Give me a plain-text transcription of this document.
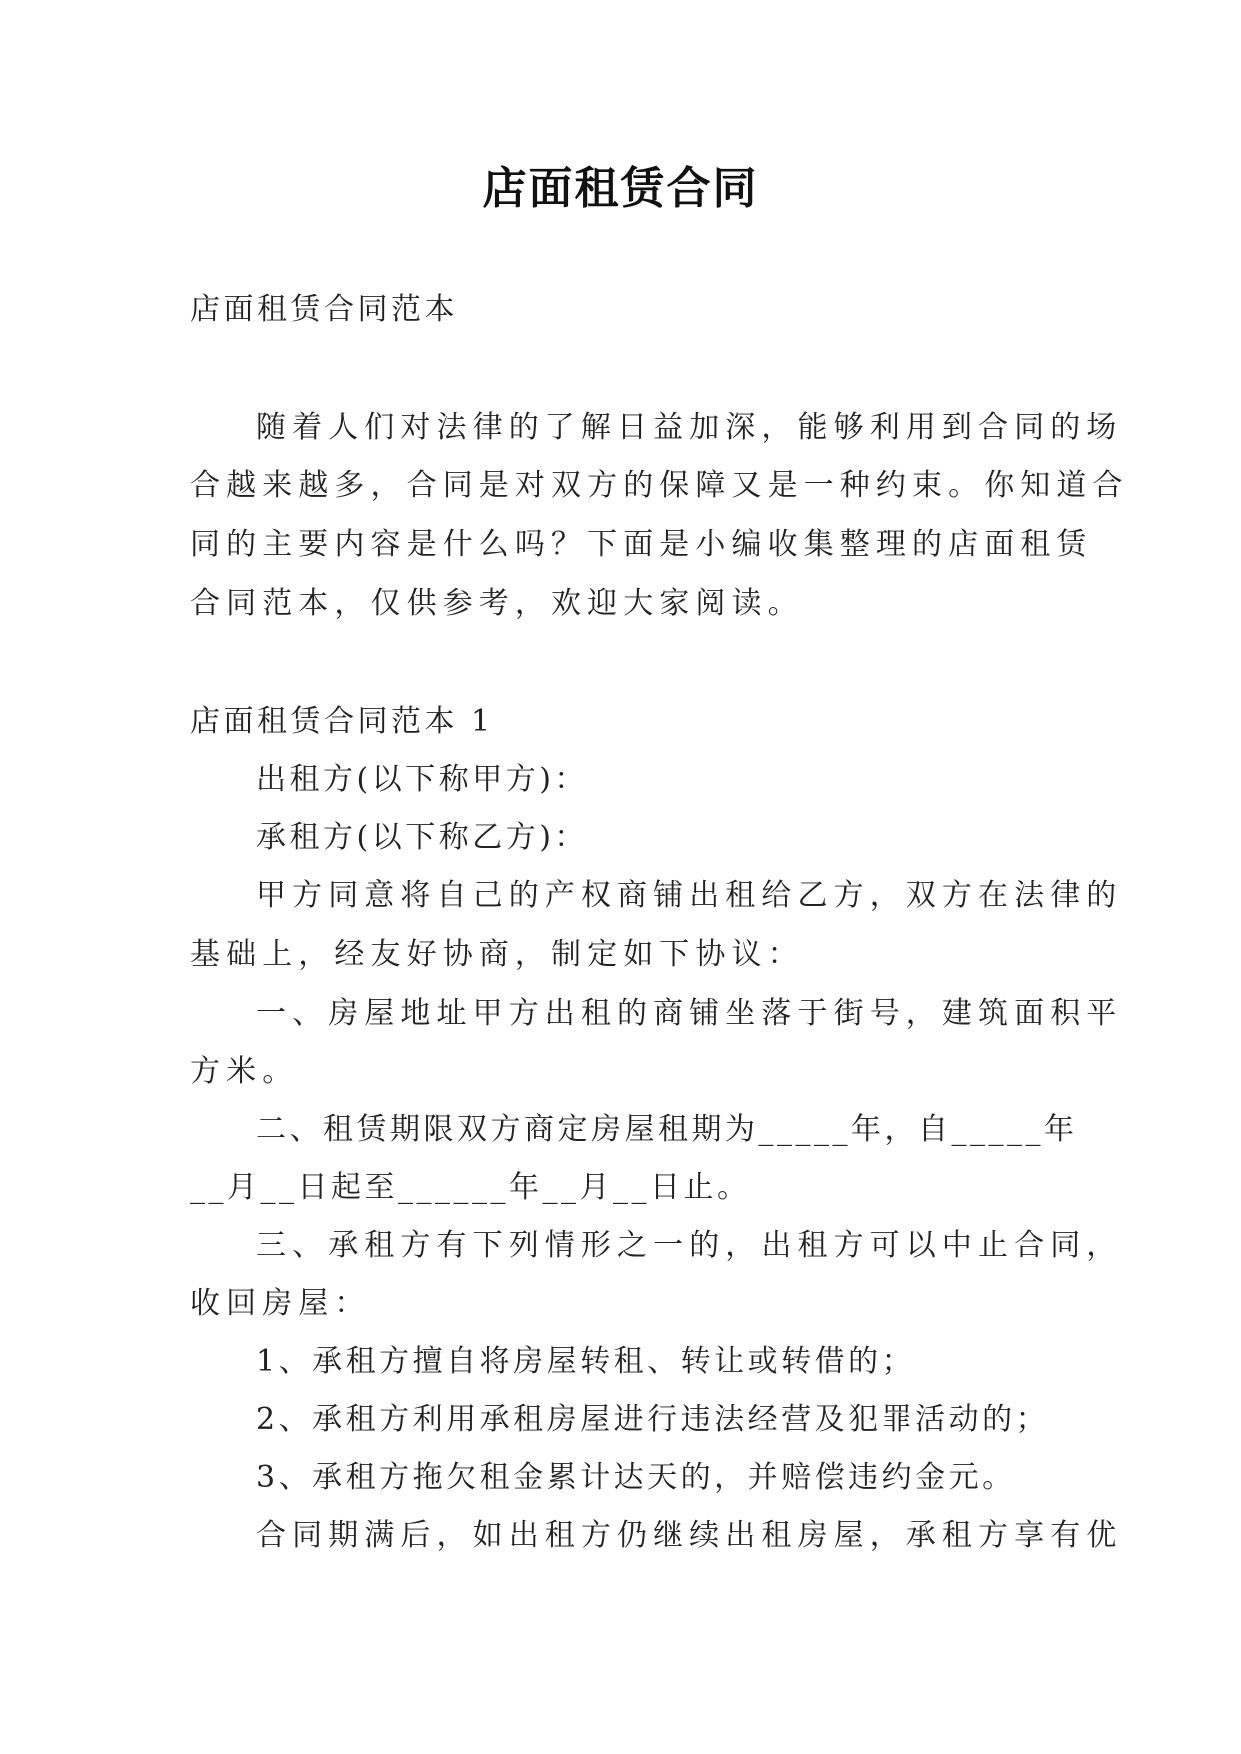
店面租赁合同
店面租赁合同范本
随着人们对法律的了解日益加深，能够利用到合同的场
合越来越多，合同是对双方的保障又是一种约束。你知道合
同的主要内容是什么吗？下面是小编收集整理的店面租赁
合同范本，仅供参考，欢迎大家阅读。
店面租赁合同范本 1
出租方(以下称甲方)：
承租方(以下称乙方)：
甲方同意将自己的产权商铺出租给乙方，双方在法律的
基础上，经友好协商，制定如下协议：
一、房屋地址甲方出租的商铺坐落于街号，建筑面积平
方米。
二、租赁期限双方商定房屋租期为_____年，自_____年
__月__日起至______年__月__日止。
三、承租方有下列情形之一的，出租方可以中止合同，
收回房屋：
1、承租方擅自将房屋转租、转让或转借的；
2、承租方利用承租房屋进行违法经营及犯罪活动的；
3、承租方拖欠租金累计达天的，并赔偿违约金元。
合同期满后，如出租方仍继续出租房屋，承租方享有优
